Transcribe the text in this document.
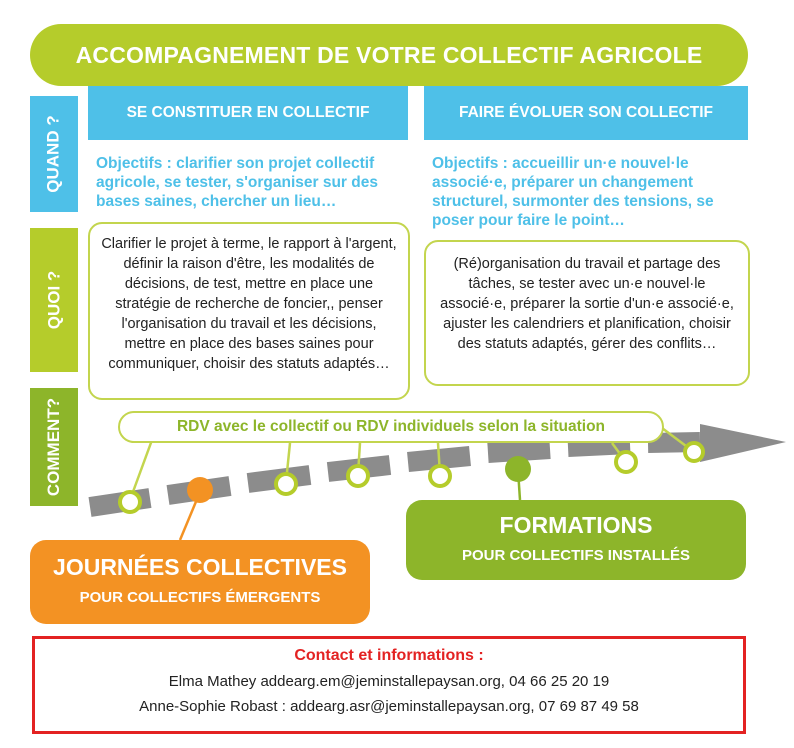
ACCOMPAGNEMENT DE VOTRE COLLECTIF AGRICOLE
QUAND ?
QUOI ?
COMMENT?
SE CONSTITUER EN COLLECTIF	FAIRE ÉVOLUER SON COLLECTIF
Objectifs : clarifier son projet collectif agricole, se tester, s'organiser sur des bases saines, chercher un lieu…
Objectifs : accueillir un·e nouvel·le associé·e, préparer un changement structurel, surmonter des tensions, se poser pour faire le point…
Clarifier le projet à terme, le rapport à l'argent, définir la raison d'être, les modalités de décisions, de test, mettre en place une stratégie de recherche de foncier,, penser l'organisation du travail et les décisions, mettre en place des bases saines pour communiquer, choisir des statuts adaptés…
(Ré)organisation du travail et partage des tâches, se tester avec un·e nouvel·le associé·e, préparer la sortie d'un·e associé·e, ajuster les calendriers et planification, choisir des statuts adaptés, gérer des conflits…
RDV avec le collectif ou RDV individuels selon la situation
FORMATIONS
POUR COLLECTIFS INSTALLÉS
JOURNÉES COLLECTIVES
POUR COLLECTIFS ÉMERGENTS
Contact et informations :
Elma Mathey addearg.em@jeminstallepaysan.org, 04 66 25 20 19
Anne-Sophie Robast : addearg.asr@jeminstallepaysan.org, 07 69 87 49 58
